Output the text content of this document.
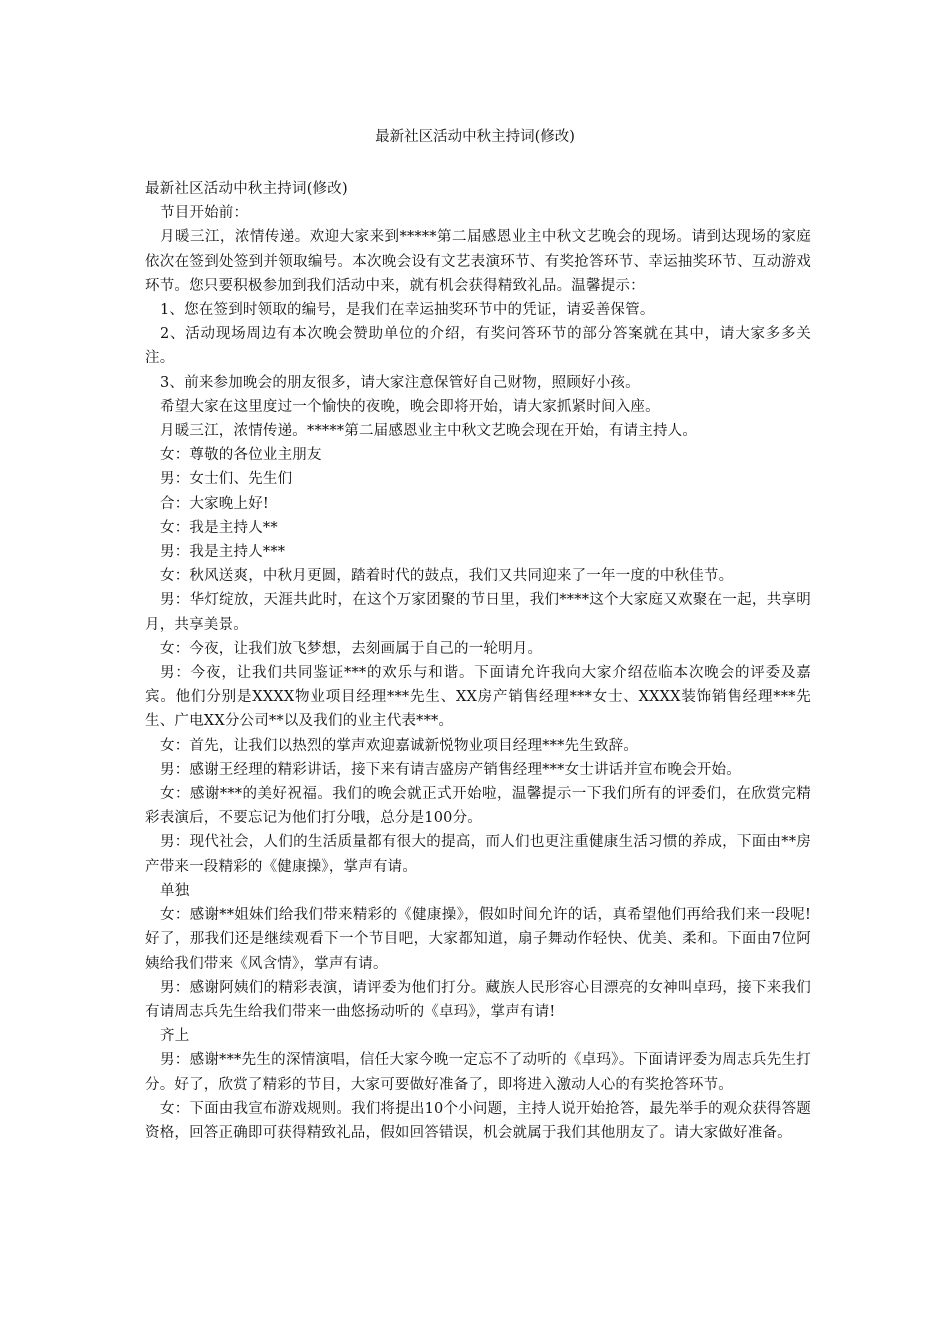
最新社区活动中秋主持词(修改)

最新社区活动中秋主持词(修改)

节目开始前：

月暖三江，浓情传递。欢迎大家来到*****第二届感恩业主中秋文艺晚会的现场。请到达现场的家庭依次在签到处签到并领取编号。本次晚会设有文艺表演环节、有奖抢答环节、幸运抽奖环节、互动游戏环节。您只要积极参加到我们活动中来，就有机会获得精致礼品。温馨提示：

1、您在签到时领取的编号，是我们在幸运抽奖环节中的凭证，请妥善保管。

2、活动现场周边有本次晚会赞助单位的介绍，有奖问答环节的部分答案就在其中，请大家多多关注。

3、前来参加晚会的朋友很多，请大家注意保管好自己财物，照顾好小孩。

希望大家在这里度过一个愉快的夜晚，晚会即将开始，请大家抓紧时间入座。

月暖三江，浓情传递。*****第二届感恩业主中秋文艺晚会现在开始，有请主持人。

女：尊敬的各位业主朋友

男：女士们、先生们

合：大家晚上好!

女：我是主持人**

男：我是主持人***

女：秋风送爽，中秋月更圆，踏着时代的鼓点，我们又共同迎来了一年一度的中秋佳节。

男：华灯绽放，天涯共此时，在这个万家团聚的节日里，我们****这个大家庭又欢聚在一起，共享明月，共享美景。

女：今夜，让我们放飞梦想，去刻画属于自己的一轮明月。

男：今夜，让我们共同鉴证***的欢乐与和谐。下面请允许我向大家介绍莅临本次晚会的评委及嘉宾。他们分别是XXXX物业项目经理***先生、XX房产销售经理***女士、XXXX装饰销售经理***先生、广电XX分公司**以及我们的业主代表***。

女：首先，让我们以热烈的掌声欢迎嘉诚新悦物业项目经理***先生致辞。

男：感谢王经理的精彩讲话，接下来有请吉盛房产销售经理***女士讲话并宣布晚会开始。

女：感谢***的美好祝福。我们的晚会就正式开始啦，温馨提示一下我们所有的评委们，在欣赏完精彩表演后，不要忘记为他们打分哦，总分是100分。

男：现代社会，人们的生活质量都有很大的提高，而人们也更注重健康生活习惯的养成，下面由**房产带来一段精彩的《健康操》，掌声有请。

单独

女：感谢**姐妹们给我们带来精彩的《健康操》，假如时间允许的话，真希望他们再给我们来一段呢!好了，那我们还是继续观看下一个节目吧，大家都知道，扇子舞动作轻快、优美、柔和。下面由7位阿姨给我们带来《风含情》，掌声有请。

男：感谢阿姨们的精彩表演，请评委为他们打分。藏族人民形容心目漂亮的女神叫卓玛，接下来我们有请周志兵先生给我们带来一曲悠扬动听的《卓玛》，掌声有请!

齐上

男：感谢***先生的深情演唱，信任大家今晚一定忘不了动听的《卓玛》。下面请评委为周志兵先生打分。好了，欣赏了精彩的节目，大家可要做好准备了，即将进入激动人心的有奖抢答环节。

女：下面由我宣布游戏规则。我们将提出10个小问题，主持人说开始抢答，最先举手的观众获得答题资格，回答正确即可获得精致礼品，假如回答错误，机会就属于我们其他朋友了。请大家做好准备。
